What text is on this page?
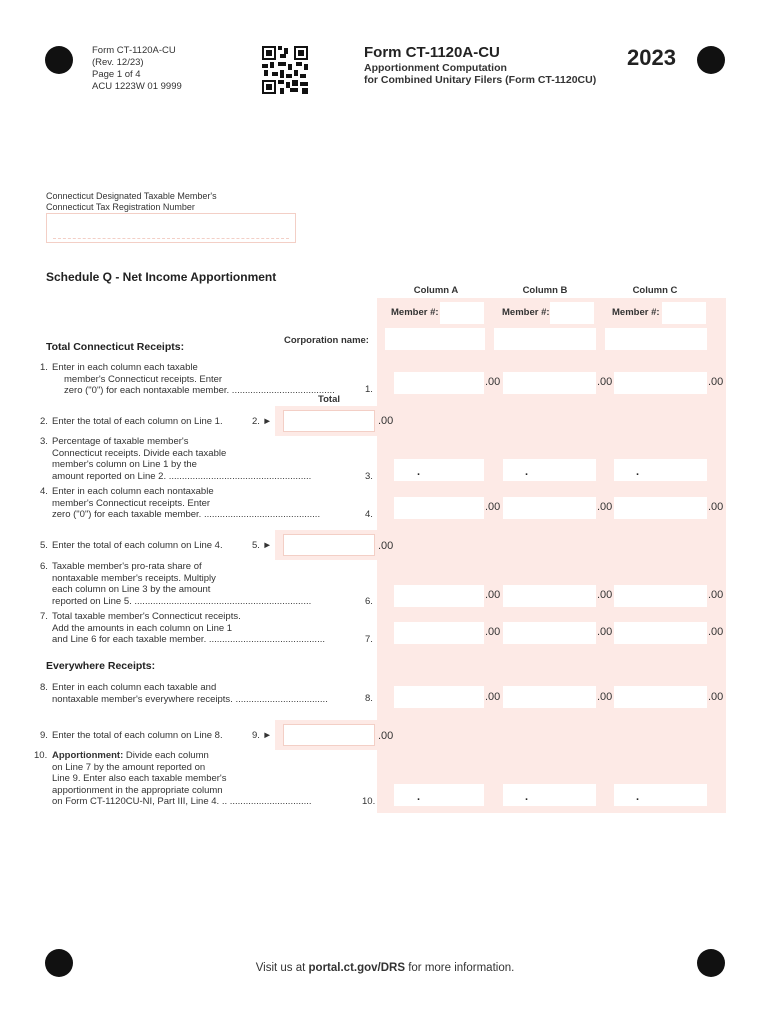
Form CT-1120A-CU
(Rev. 12/23)
Page 1 of 4
ACU 1223W 01 9999
Form CT-1120A-CU
Apportionment Computation
for Combined Unitary Filers (Form CT-1120CU)
2023
Connecticut Designated Taxable Member's
Connecticut Tax Registration Number
Schedule Q - Net Income Apportionment
Column A	Column B	Column C
Member #:	Member #:	Member #:
Corporation name:
Total Connecticut Receipts:
1. Enter in each column each taxable
member's Connecticut receipts. Enter
zero ("0") for each nontaxable member. .......................................	1.
Total
.00	.00	.00
2. Enter the total of each column on Line 1.	2. ►	.00
3. Percentage of taxable member's
Connecticut receipts. Divide each taxable
member's column on Line 1 by the
amount reported on Line 2. ......................................................	3.	.	.	.
4. Enter in each column each nontaxable
member's Connecticut receipts. Enter
zero ("0") for each taxable member. ............................................	4.
.00	.00	.00
5. Enter the total of each column on Line 4.	5. ►	.00
6. Taxable member's pro-rata share of
nontaxable member's receipts. Multiply
each column on Line 3 by the amount
reported on Line 5. ...................................................................	6.
.00	.00	.00
7. Total taxable member's Connecticut receipts.
Add the amounts in each column on Line 1
and Line 6 for each taxable member. ............................................	7.
.00	.00	.00
Everywhere Receipts:
8. Enter in each column each taxable and
nontaxable member's everywhere receipts. ...................................	8.	.00	.00	.00
9. Enter the total of each column on Line 8.	9. ►	.00
10. Apportionment: Divide each column
on Line 7 by the amount reported on
Line 9. Enter also each taxable member's
apportionment in the appropriate column
on Form CT-1120CU-NI, Part III, Line 4. .. ...............................	10.	.	.	.
Visit us at portal.ct.gov/DRS for more information.
